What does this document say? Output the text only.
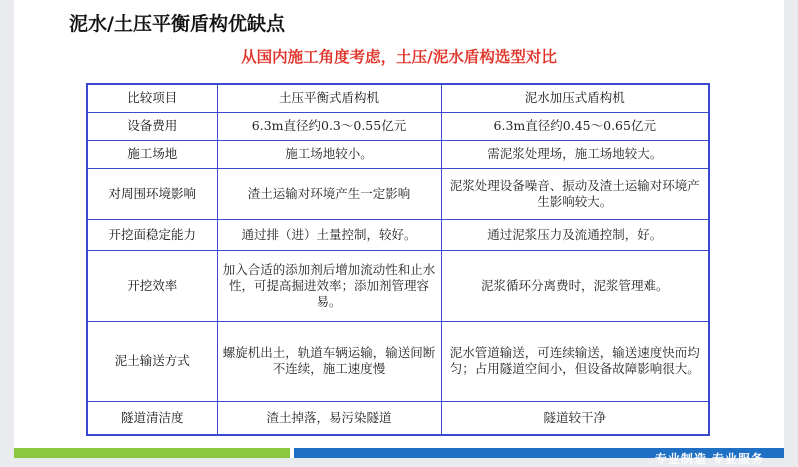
泥水/土压平衡盾构优缺点
从国内施工角度考虑，土压/泥水盾构选型对比
比较项目	土压平衡式盾构机	泥水加压式盾构机
设备费用	6.3m直径约0.3～0.55亿元	6.3m直径约0.45～0.65亿元
施工场地	施工场地较小。	需泥浆处理场，施工场地较大。
对周围环境影响	渣土运输对环境产生一定影响	泥浆处理设备噪音、振动及渣土运输对环境产生影响较大。
开挖面稳定能力	通过排（进）土量控制，较好。	通过泥浆压力及流通控制，好。
开挖效率	加入合适的添加剂后增加流动性和止水性，可提高掘进效率；添加剂管理容易。	泥浆循环分离费时，泥浆管理难。
泥土输送方式	螺旋机出土，轨道车辆运输，输送间断不连续，施工速度慢	泥水管道输送，可连续输送，输送速度快而均匀；占用隧道空间小，但设备故障影响很大。
隧道清洁度	渣土掉落，易污染隧道	隧道较干净
专业制造 专业服务
